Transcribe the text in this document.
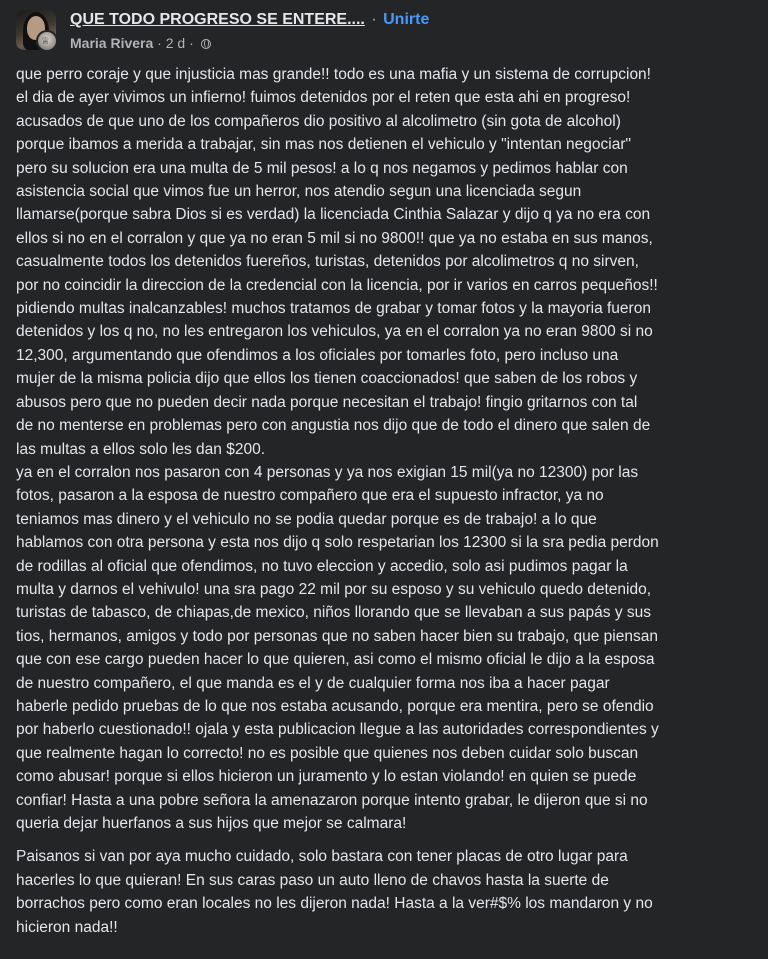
♕
QUE TODO PROGRESO SE ENTERE.... · Unirte
Maria Rivera · 2 d ·

que perro coraje y que injusticia mas grande!! todo es una mafia y un sistema de corrupcion!
el dia de ayer vivimos un infierno! fuimos detenidos por el reten que esta ahi en progreso!
acusados de que uno de los compañeros dio positivo al alcolimetro (sin gota de alcohol)
porque ibamos a merida a trabajar, sin mas nos detienen el vehiculo y "intentan negociar"
pero su solucion era una multa de 5 mil pesos! a lo q nos negamos y pedimos hablar con
asistencia social que vimos fue un herror, nos atendio segun una licenciada segun
llamarse(porque sabra Dios si es verdad) la licenciada Cinthia Salazar y dijo q ya no era con
ellos si no en el corralon y que ya no eran 5 mil si no 9800!! que ya no estaba en sus manos,
casualmente todos los detenidos fuereños, turistas, detenidos por alcolimetros q no sirven,
por no coincidir la direccion de la credencial con la licencia, por ir varios en carros pequeños!!
pidiendo multas inalcanzables! muchos tratamos de grabar y tomar fotos y la mayoria fueron
detenidos y los q no, no les entregaron los vehiculos, ya en el corralon ya no eran 9800 si no
12,300, argumentando que ofendimos a los oficiales por tomarles foto, pero incluso una
mujer de la misma policia dijo que ellos los tienen coaccionados! que saben de los robos y
abusos pero que no pueden decir nada porque necesitan el trabajo! fingio gritarnos con tal
de no menterse en problemas pero con angustia nos dijo que de todo el dinero que salen de
las multas a ellos solo les dan $200.
ya en el corralon nos pasaron con 4 personas y ya nos exigian 15 mil(ya no 12300) por las
fotos, pasaron a la esposa de nuestro compañero que era el supuesto infractor, ya no
teniamos mas dinero y el vehiculo no se podia quedar porque es de trabajo! a lo que
hablamos con otra persona y esta nos dijo q solo respetarian los 12300 si la sra pedia perdon
de rodillas al oficial que ofendimos, no tuvo eleccion y accedio, solo asi pudimos pagar la
multa y darnos el vehivulo! una sra pago 22 mil por su esposo y su vehiculo quedo detenido,
turistas de tabasco, de chiapas,de mexico, niños llorando que se llevaban a sus papás y sus
tios, hermanos, amigos y todo por personas que no saben hacer bien su trabajo, que piensan
que con ese cargo pueden hacer lo que quieren, asi como el mismo oficial le dijo a la esposa
de nuestro compañero, el que manda es el y de cualquier forma nos iba a hacer pagar
haberle pedido pruebas de lo que nos estaba acusando, porque era mentira, pero se ofendio
por haberlo cuestionado!! ojala y esta publicacion llegue a las autoridades correspondientes y
que realmente hagan lo correcto! no es posible que quienes nos deben cuidar solo buscan
como abusar! porque si ellos hicieron un juramento y lo estan violando! en quien se puede
confiar! Hasta a una pobre señora la amenazaron porque intento grabar, le dijeron que si no
queria dejar huerfanos a sus hijos que mejor se calmara!

Paisanos si van por aya mucho cuidado, solo bastara con tener placas de otro lugar para
hacerles lo que quieran! En sus caras paso un auto lleno de chavos hasta la suerte de
borrachos pero como eran locales no les dijeron nada! Hasta a la ver#$% los mandaron y no
hicieron nada!!
